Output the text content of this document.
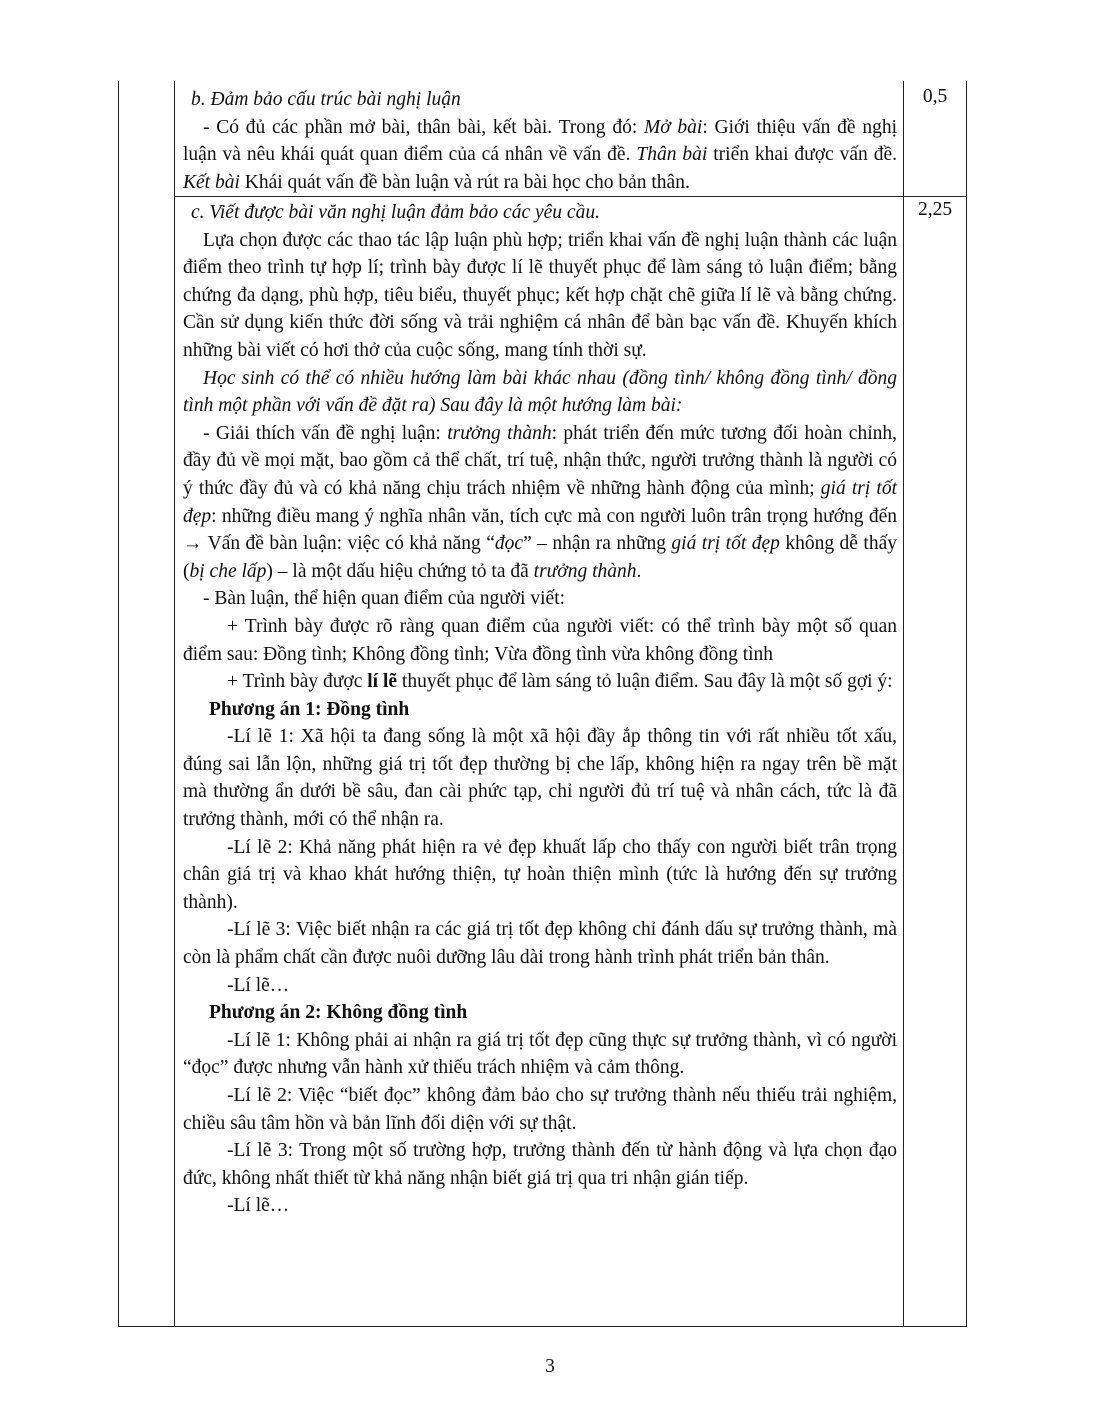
0,5

b. Đảm bảo cấu trúc bài nghị luận

- Có đủ các phần mở bài, thân bài, kết bài. Trong đó: Mở bài: Giới thiệu vấn đề nghị luận và nêu khái quát quan điểm của cá nhân về vấn đề. Thân bài triển khai được vấn đề. Kết bài Khái quát vấn đề bàn luận và rút ra bài học cho bản thân.

2,25

c. Viết được bài văn nghị luận đảm bảo các yêu cầu.

Lựa chọn được các thao tác lập luận phù hợp; triển khai vấn đề nghị luận thành các luận điểm theo trình tự hợp lí; trình bày được lí lẽ thuyết phục để làm sáng tỏ luận điểm; bằng chứng đa dạng, phù hợp, tiêu biểu, thuyết phục; kết hợp chặt chẽ giữa lí lẽ và bằng chứng. Cần sử dụng kiến thức đời sống và trải nghiệm cá nhân để bàn bạc vấn đề. Khuyến khích những bài viết có hơi thở của cuộc sống, mang tính thời sự.

Học sinh có thể có nhiều hướng làm bài khác nhau (đồng tình/ không đồng tình/ đồng tình một phần với vấn đề đặt ra) Sau đây là một hướng làm bài:

- Giải thích vấn đề nghị luận: trưởng thành: phát triển đến mức tương đối hoàn chỉnh, đầy đủ về mọi mặt, bao gồm cả thể chất, trí tuệ, nhận thức, người trưởng thành là người có ý thức đầy đủ và có khả năng chịu trách nhiệm về những hành động của mình; giá trị tốt đẹp: những điều mang ý nghĩa nhân văn, tích cực mà con người luôn trân trọng hướng đến → Vấn đề bàn luận: việc có khả năng “đọc” – nhận ra những giá trị tốt đẹp không dễ thấy (bị che lấp) – là một dấu hiệu chứng tỏ ta đã trưởng thành.

- Bàn luận, thể hiện quan điểm của người viết:

+ Trình bày được rõ ràng quan điểm của người viết: có thể trình bày một số quan điểm sau: Đồng tình; Không đồng tình; Vừa đồng tình vừa không đồng tình

+ Trình bày được lí lẽ thuyết phục để làm sáng tỏ luận điểm. Sau đây là một số gợi ý:

Phương án 1: Đồng tình

-Lí lẽ 1: Xã hội ta đang sống là một xã hội đầy ắp thông tin với rất nhiều tốt xấu, đúng sai lẫn lộn, những giá trị tốt đẹp thường bị che lấp, không hiện ra ngay trên bề mặt mà thường ẩn dưới bề sâu, đan cài phức tạp, chỉ người đủ trí tuệ và nhân cách, tức là đã trưởng thành, mới có thể nhận ra.

-Lí lẽ 2: Khả năng phát hiện ra vẻ đẹp khuất lấp cho thấy con người biết trân trọng chân giá trị và khao khát hướng thiện, tự hoàn thiện mình (tức là hướng đến sự trưởng thành).

-Lí lẽ 3: Việc biết nhận ra các giá trị tốt đẹp không chỉ đánh dấu sự trưởng thành, mà còn là phẩm chất cần được nuôi dưỡng lâu dài trong hành trình phát triển bản thân.

-Lí lẽ…

Phương án 2: Không đồng tình

-Lí lẽ 1: Không phải ai nhận ra giá trị tốt đẹp cũng thực sự trưởng thành, vì có người “đọc” được nhưng vẫn hành xử thiếu trách nhiệm và cảm thông.

-Lí lẽ 2: Việc “biết đọc” không đảm bảo cho sự trưởng thành nếu thiếu trải nghiệm, chiều sâu tâm hồn và bản lĩnh đối diện với sự thật.

-Lí lẽ 3: Trong một số trường hợp, trưởng thành đến từ hành động và lựa chọn đạo đức, không nhất thiết từ khả năng nhận biết giá trị qua tri nhận gián tiếp.

-Lí lẽ…

3
